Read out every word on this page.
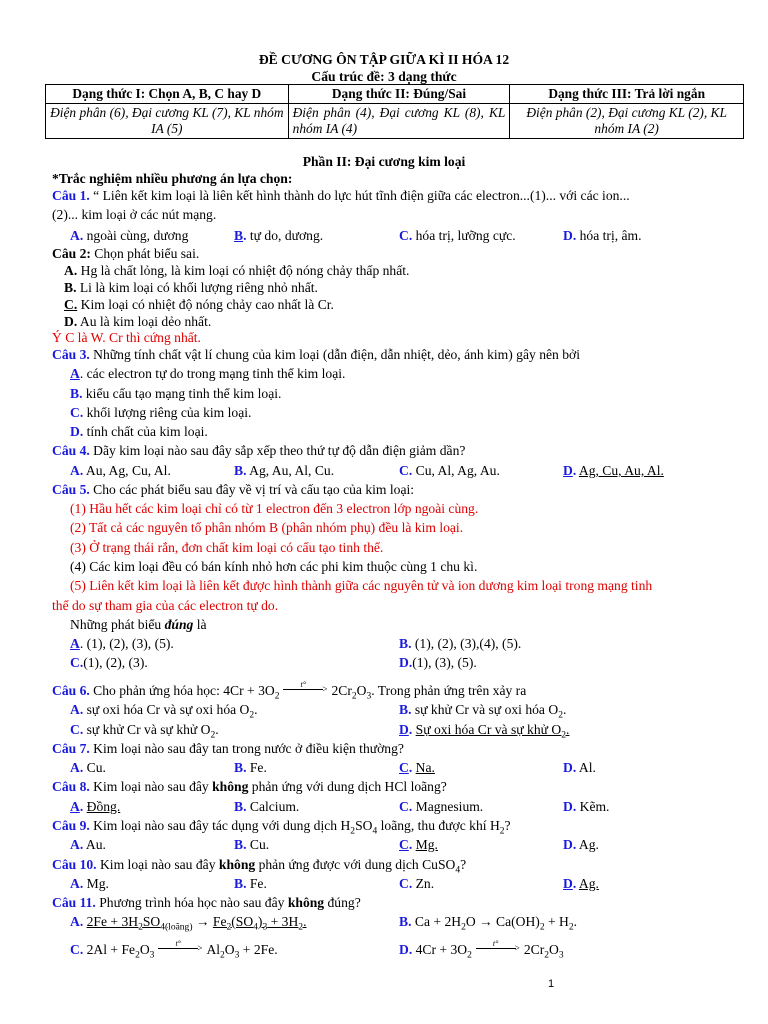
ĐỀ CƯƠNG ÔN TẬP GIỮA KÌ II HÓA 12
Cấu trúc đề: 3 dạng thức
Dạng thức I: Chọn A, B, C hay D	Dạng thức II: Đúng/Sai	Dạng thức III: Trả lời ngắn
Điện phân (6), Đại cương KL (7), KL nhóm IA (5)	Điện phân (4), Đại cương KL (8), KL nhóm IA (4)	Điện phân (2), Đại cương KL (2), KL nhóm IA (2)
Phần II: Đại cương kim loại
*Trắc nghiệm nhiều phương án lựa chọn:
Câu 1. “ Liên kết kim loại là liên kết hình thành do lực hút tĩnh điện giữa các electron...(1)... với các ion...
(2)... kim loại ở các nút mạng.
A. ngoài cùng, dương	B. tự do, dương.	C. hóa trị, lưỡng cực.	D. hóa trị, âm.
Câu 2: Chọn phát biểu sai.
A. Hg là chất lỏng, là kim loại có nhiệt độ nóng chảy thấp nhất.
B. Li là kim loại có khối lượng riêng nhỏ nhất.
C. Kim loại có nhiệt độ nóng chảy cao nhất là Cr.
D. Au là kim loại dẻo nhất.
Ý C là W. Cr thì cứng nhất.
Câu 3. Những tính chất vật lí chung của kim loại (dẫn điện, dẫn nhiệt, dẻo, ánh kim) gây nên bởi
A. các electron tự do trong mạng tinh thể kim loại.
B. kiểu cấu tạo mạng tinh thể kim loại.
C. khối lượng riêng của kim loại.
D. tính chất của kim loại.
Câu 4. Dãy kim loại nào sau đây sắp xếp theo thứ tự độ dẫn điện giảm dần?
A. Au, Ag, Cu, Al.	B. Ag, Au, Al, Cu.	C. Cu, Al, Ag, Au.	D. Ag, Cu, Au, Al.
Câu 5. Cho các phát biểu sau đây về vị trí và cấu tạo của kim loại:
(1) Hầu hết các kim loại chỉ có từ 1 electron đến 3 electron lớp ngoài cùng.
(2) Tất cả các nguyên tố phân nhóm B (phân nhóm phụ) đều là kim loại.
(3) Ở trạng thái rắn, đơn chất kim loại có cấu tạo tinh thể.
(4) Các kim loại đều có bán kính nhỏ hơn các phi kim thuộc cùng 1 chu kì.
(5) Liên kết kim loại là liên kết được hình thành giữa các nguyên tử và ion dương kim loại trong mạng tinh
thể do sự tham gia của các electron tự do.
Những phát biểu đúng là
A. (1), (2), (3), (5).	B. (1), (2), (3),(4), (5).
C.(1), (2), (3).	D.(1), (3), (5).
Câu 6. Cho phản ứng hóa học: $4Cr + 3O_2$
$t^\circ > 2Cr_2O_3$. Trong phản ứng trên xảy ra
A. sự oxi hóa Cr và sự oxi hóa $O_2$.	B. sự khử Cr và sự oxi hóa $O_2$.
C. sự khử Cr và sự khử $O_2$.	D. Sự oxi hóa Cr và sự khử $O_2$.
Câu 7. Kim loại nào sau đây tan trong nước ở điều kiện thường?
A. Cu.	B. Fe.	C. Na.	D. Al.
Câu 8. Kim loại nào sau đây không phản ứng với dung dịch HCl loãng?
A. Đồng.	B. Calcium.	C. Magnesium.	D. Kẽm.
Câu 9. Kim loại nào sau đây tác dụng với dung dịch $H_2SO_4$ loãng, thu được khí $H_2$?
A. Au.	B. Cu.	C. Mg.	D. Ag.
Câu 10. Kim loại nào sau đây không phản ứng được với dung dịch CuSO$_4$?
A. Mg.	B. Fe.	C. Zn.	D. Ag.
Câu 11. Phương trình hóa học nào sau đây không đúng?
A. $2Fe + 3H_2SO_{4(loãng)} \to Fe_2(SO_4)_3 + 3H_2$.	B. $Ca + 2H_2O \to Ca(OH)_2 + H_2$.
C. $2Al + Fe_2O_3$
$t^\circ > Al_2O_3 + 2Fe$.	D. $4Cr + 3O_2$
$t^\circ > 2Cr_2O_3$
1
